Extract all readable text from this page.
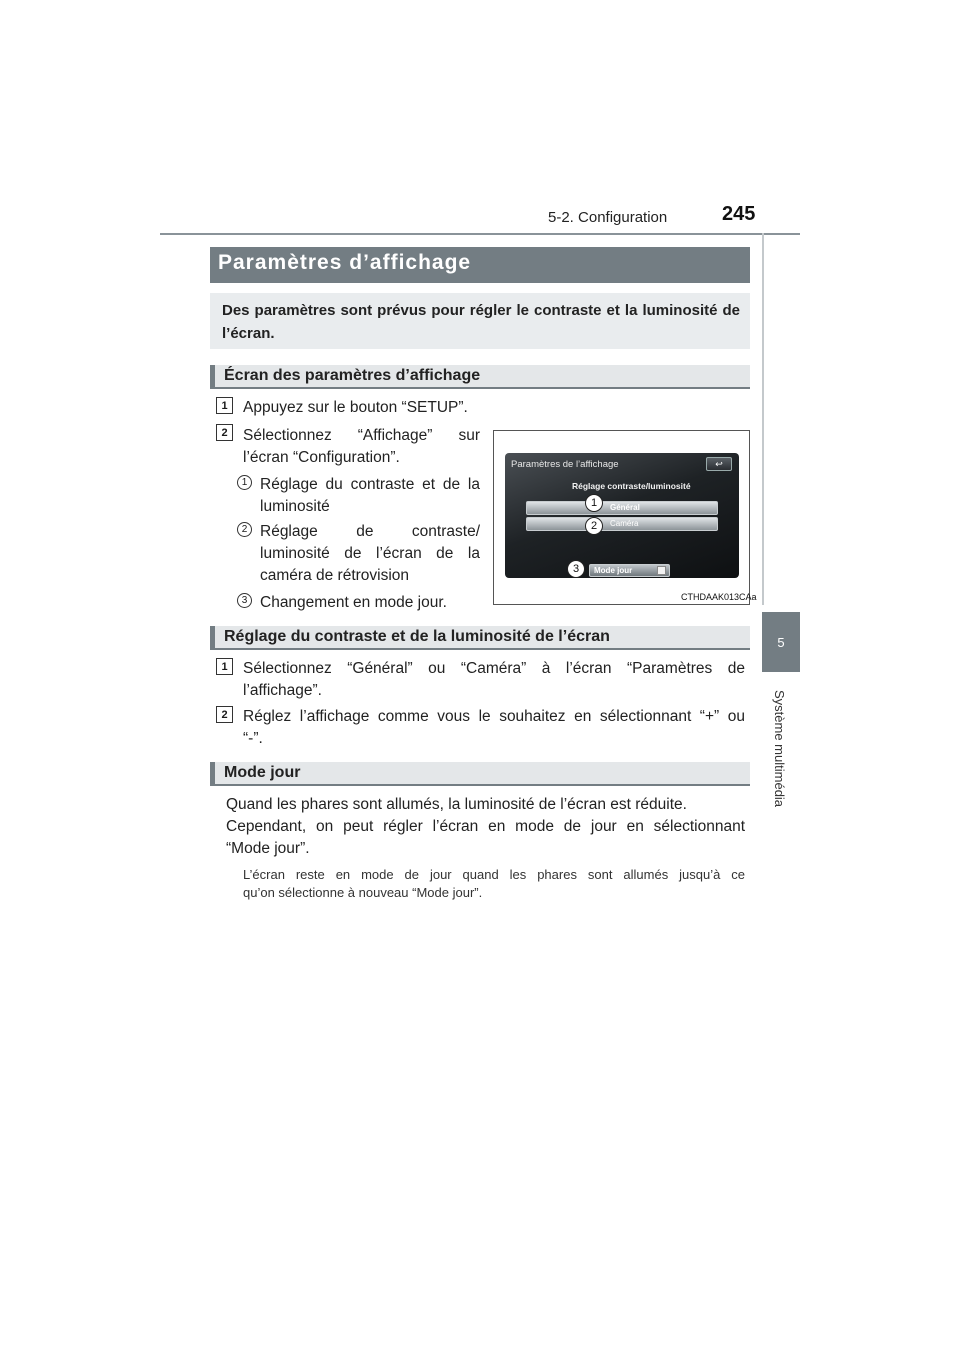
5-2. Configuration	245
5
Système multimédia
Paramètres d’affichage
Des paramètres sont prévus pour régler le contraste et la luminosité de l’écran.
Écran des paramètres d’affichage
1 Appuyez sur le bouton “SETUP”.
2 Sélectionnez “Affichage” sur
l’écran “Configuration”.
1 Réglage du contraste et de la
luminosité
2 Réglage de contraste/
luminosité de l’écran de la
caméra de rétrovision
3 Changement en mode jour.
Paramètres de l’affichage	↩
Réglage contraste/luminosité
Général
Caméra
Mode jour
1
2
3
CTHDAAK013CAa
Réglage du contraste et de la luminosité de l’écran
1 Sélectionnez “Général” ou “Caméra” à l’écran “Paramètres de
l’affichage”.
2 Réglez l’affichage comme vous le souhaitez en sélectionnant “+” ou
“-”.
Mode jour
Quand les phares sont allumés, la luminosité de l’écran est réduite.
Cependant, on peut régler l’écran en mode de jour en sélectionnant
“Mode jour”.
L’écran reste en mode de jour quand les phares sont allumés jusqu’à ce
qu’on sélectionne à nouveau “Mode jour”.
